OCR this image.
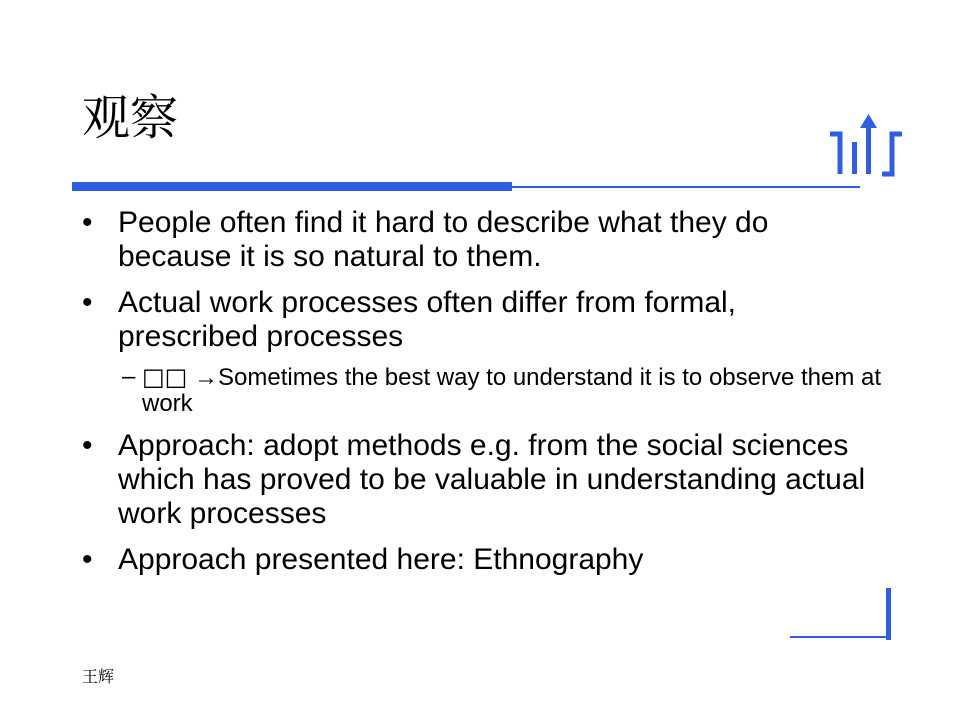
观察
• People often find it hard to describe what they do because it is so natural to them.
• Actual work processes often differ from formal, prescribed processes
– □□ →Sometimes the best way to understand it is to observe them at work
• Approach: adopt methods e.g. from the social sciences which has proved to be valuable in understanding actual work processes
• Approach presented here: Ethnography
王辉
